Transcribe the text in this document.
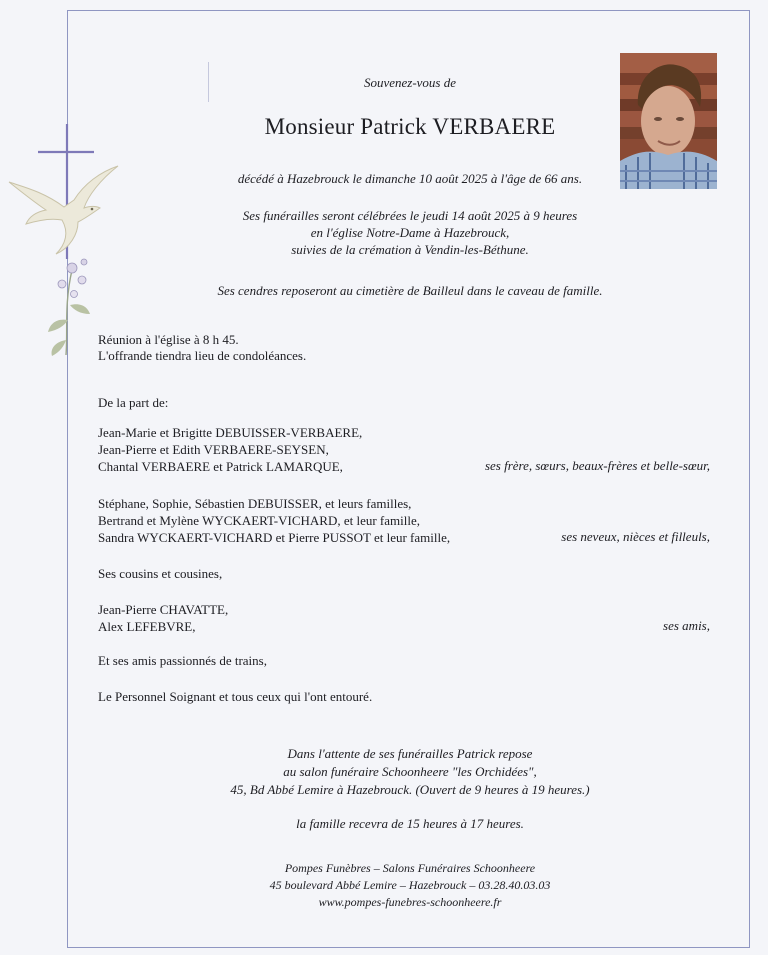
Souvenez-vous de
Monsieur Patrick VERBAERE
décédé à Hazebrouck le dimanche 10 août 2025 à l'âge de 66 ans.
Ses funérailles seront célébrées le jeudi 14 août 2025 à 9 heures
en l'église Notre-Dame à Hazebrouck,
suivies de la crémation à Vendin-les-Béthune.
Ses cendres reposeront au cimetière de Bailleul dans le caveau de famille.
Réunion à l'église à 8 h 45.
L'offrande tiendra lieu de condoléances.
De la part de:
Jean-Marie et Brigitte DEBUISSER-VERBAERE,
Jean-Pierre et Edith VERBAERE-SEYSEN,
Chantal VERBAERE et Patrick LAMARQUE,	ses frère, sœurs, beaux-frères et belle-sœur,
Stéphane, Sophie, Sébastien DEBUISSER, et leurs familles,
Bertrand et Mylène WYCKAERT-VICHARD, et leur famille,
Sandra WYCKAERT-VICHARD et Pierre PUSSOT et leur famille,	ses neveux, nièces et filleuls,
Ses cousins et cousines,
Jean-Pierre CHAVATTE,
Alex LEFEBVRE,	ses amis,
Et ses amis passionnés de trains,
Le Personnel Soignant et tous ceux qui l'ont entouré.
Dans l'attente de ses funérailles Patrick repose
au salon funéraire Schoonheere "les Orchidées",
45, Bd Abbé Lemire à Hazebrouck. (Ouvert de 9 heures à 19 heures.)
la famille recevra de 15 heures à 17 heures.
Pompes Funèbres – Salons Funéraires Schoonheere
45 boulevard Abbé Lemire – Hazebrouck – 03.28.40.03.03
www.pompes-funebres-schoonheere.fr
